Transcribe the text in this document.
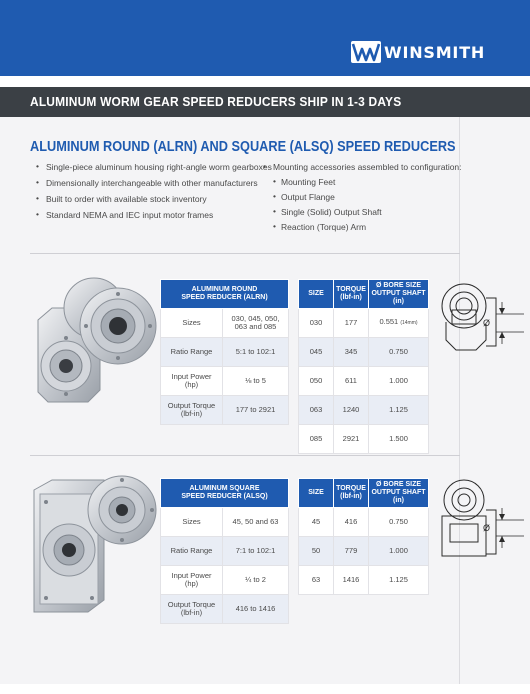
WINSMITH
ALUMINUM WORM GEAR SPEED REDUCERS SHIP IN 1-3 DAYS
ALUMINUM ROUND (ALRN) AND SQUARE (ALSQ) SPEED REDUCERS
• Single-piece aluminum housing right-angle worm gearboxes
• Dimensionally interchangeable with other manufacturers
• Built to order with available stock inventory
• Standard NEMA and IEC input motor frames
• Mounting accessories assembled to configuration:
• Mounting Feet
• Output Flange
• Single (Solid) Output Shaft
• Reaction (Torque) Arm
ALUMINUM ROUND
SPEED REDUCER (ALRN)	
Sizes	030, 045, 050, 063 and 085
Ratio Range	5:1 to 102:1
Input Power (hp)	⅛ to 5
Output Torque (lbf-in)	177 to 2921
SIZE	TORQUE (lbf-in)	Ø BORE SIZE OUTPUT SHAFT (in)
030	177	0.551 (14mm)
045	345	0.750
050	611	1.000
063	1240	1.125
085	2921	1.500
Ø
ALUMINUM SQUARE
SPEED REDUCER (ALSQ)	
Sizes	45, 50 and 63
Ratio Range	7:1 to 102:1
Input Power (hp)	¼ to 2
Output Torque (lbf-in)	416 to 1416
SIZE	TORQUE (lbf-in)	Ø BORE SIZE OUTPUT SHAFT (in)
45	416	0.750
50	779	1.000
63	1416	1.125
Ø
